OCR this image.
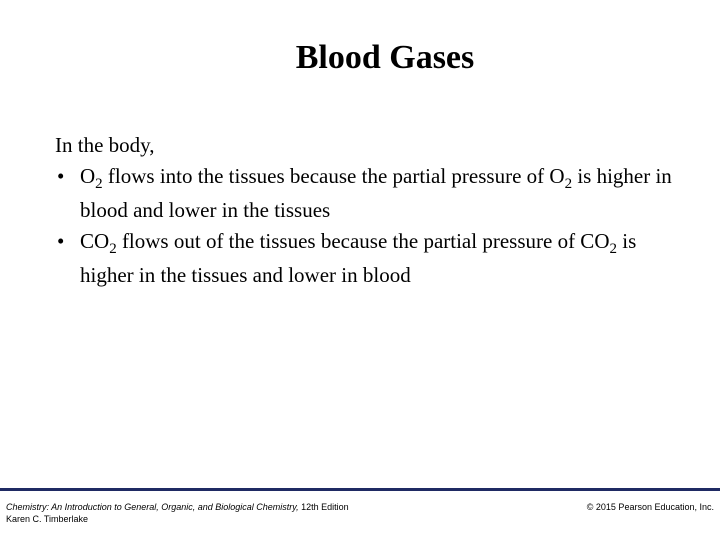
Blood Gases

In the body,

• $O_2$ flows into the tissues because the partial pressure of $O_2$ is higher in blood and lower in the tissues
• $CO_2$ flows out of the tissues because the partial pressure of $CO_2$ is higher in the tissues and lower in blood
Chemistry: An Introduction to General, Organic, and Biological Chemistry, 12th Edition
Karen C. Timberlake
© 2015 Pearson Education, Inc.
